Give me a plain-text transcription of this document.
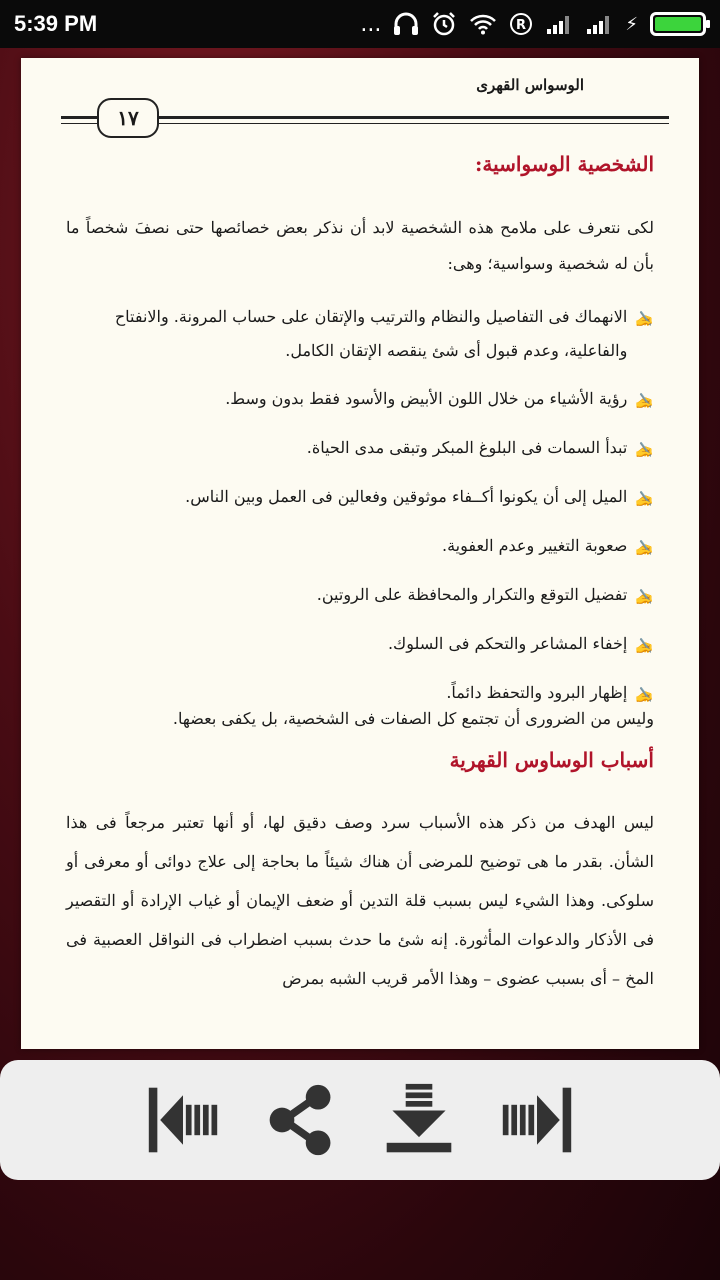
5:39 PM	...	R	⚡
الوسواس القهرى
١٧
الشخصية الوسواسية:
لكى نتعرف على ملامح هذه الشخصية لابد أن نذكر بعض خصائصها حتى نصفَ شخصاً ما بأن له شخصية وسواسية؛ وهى:
✍
الانهماك فى التفاصيل والنظام والترتيب والإتقان على حساب المرونة. والانفتاح والفاعلية، وعدم قبول أى شئ ينقصه الإتقان الكامل.
✍
رؤية الأشياء من خلال اللون الأبيض والأسود فقط بدون وسط.
✍
تبدأ السمات فى البلوغ المبكر وتبقى مدى الحياة.
✍
الميل إلى أن يكونوا أكــفاء موثوقين وفعالين فى العمل وبين الناس.
✍
صعوبة التغيير وعدم العفوية.
✍
تفضيل التوقع والتكرار والمحافظة على الروتين.
✍
إخفاء المشاعر والتحكم فى السلوك.
✍
إظهار البرود والتحفظ دائماً.
وليس من الضرورى أن تجتمع كل الصفات فى الشخصية، بل يكفى بعضها.
أسباب الوساوس القهرية
ليس الهدف من ذكر هذه الأسباب سرد وصف دقيق لها، أو أنها تعتبر مرجعاً فى هذا الشأن. بقدر ما هى توضيح للمرضى أن هناك شيئاً ما بحاجة إلى علاج دوائى أو معرفى أو سلوكى. وهذا الشيء ليس بسبب قلة التدين أو ضعف الإيمان أو غياب الإرادة أو التقصير فى الأذكار والدعوات المأثورة. إنه شئ ما حدث بسبب اضطراب فى النواقل العصبية فى المخ – أى بسبب عضوى – وهذا الأمر قريب الشبه بمرض
